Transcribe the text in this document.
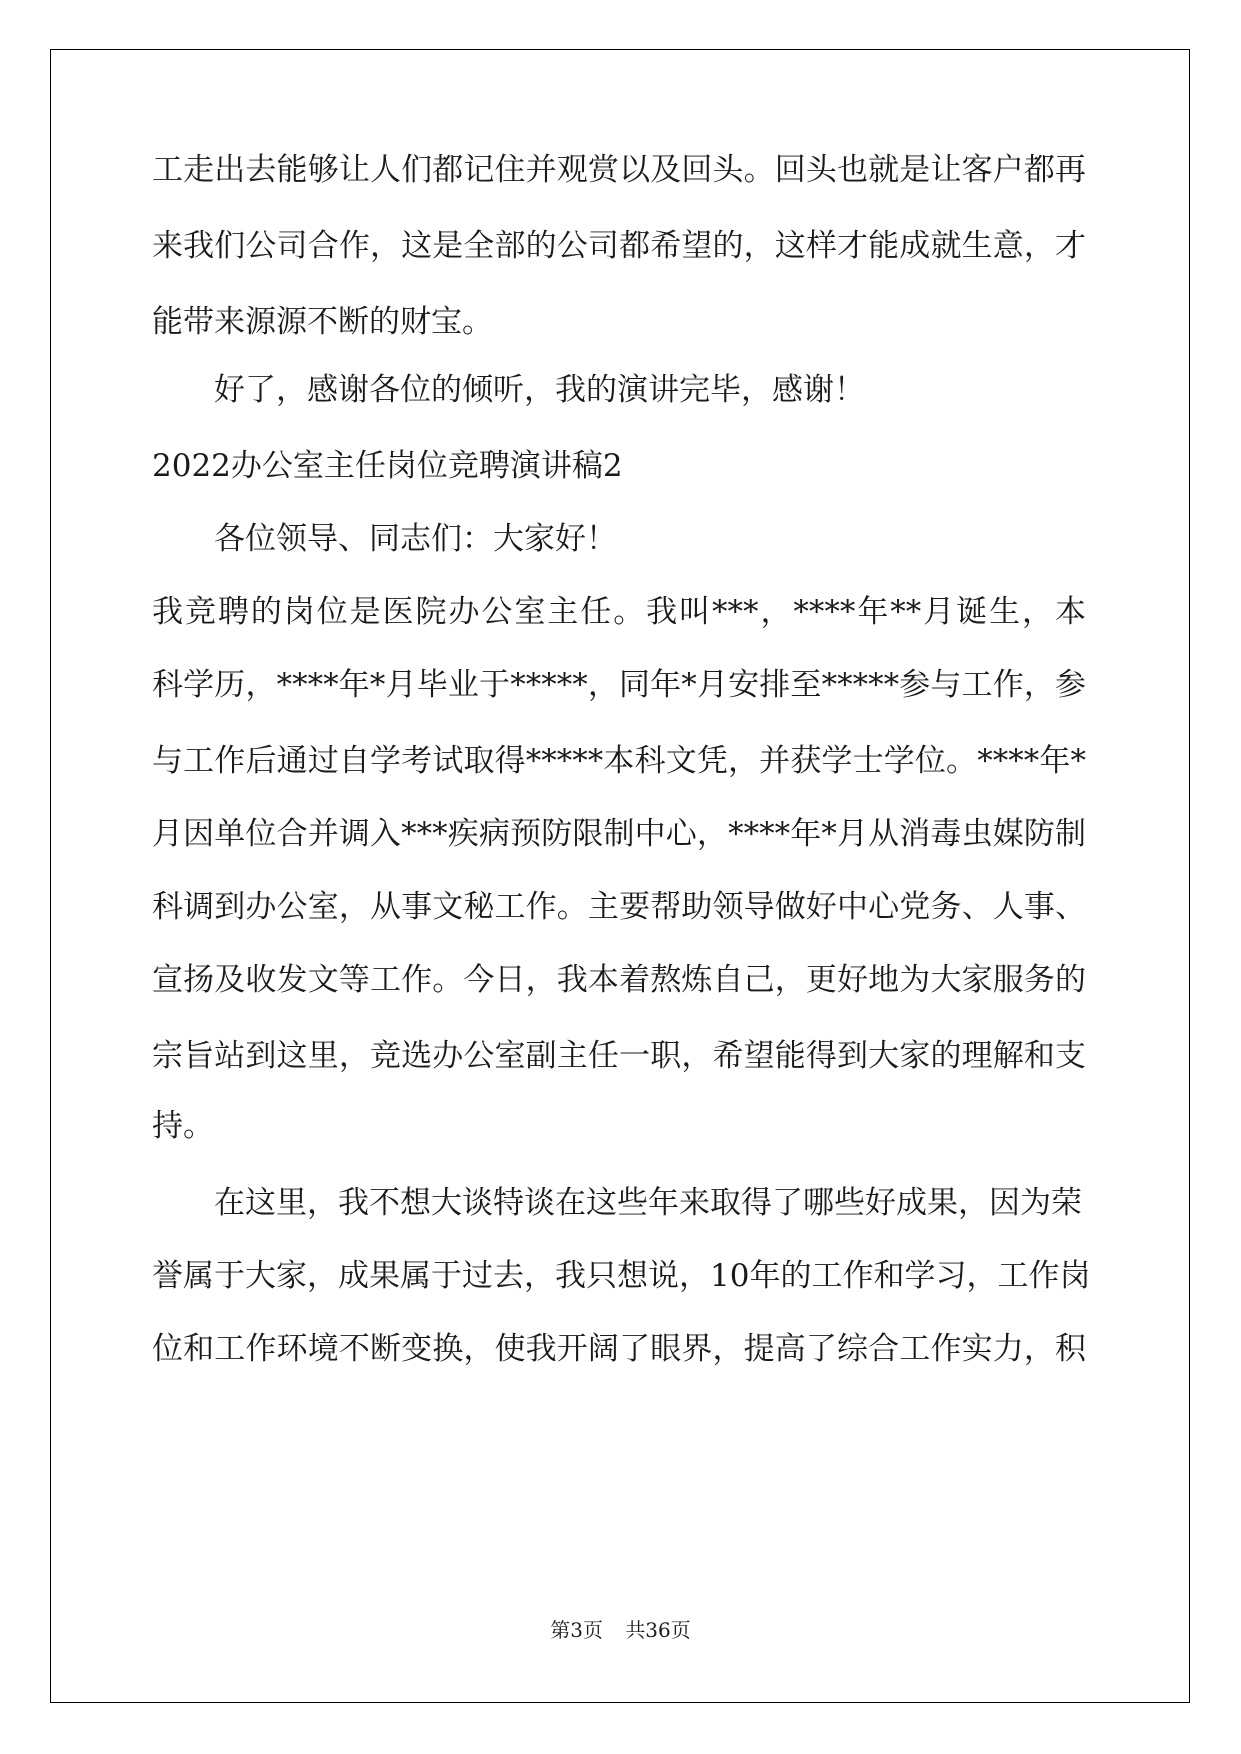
工走出去能够让人们都记住并观赏以及回头。回头也就是让客户都再
来我们公司合作，这是全部的公司都希望的，这样才能成就生意，才
能带来源源不断的财宝。
好了，感谢各位的倾听，我的演讲完毕，感谢！
2022办公室主任岗位竞聘演讲稿2
各位领导、同志们：大家好！
我竞聘的岗位是医院办公室主任。我叫***，****年**月诞生，本
科学历，****年*月毕业于*****，同年*月安排至*****参与工作，参
与工作后通过自学考试取得*****本科文凭，并获学士学位。****年*
月因单位合并调入***疾病预防限制中心，****年*月从消毒虫媒防制
科调到办公室，从事文秘工作。主要帮助领导做好中心党务、人事、
宣扬及收发文等工作。今日，我本着熬炼自己，更好地为大家服务的
宗旨站到这里，竞选办公室副主任一职，希望能得到大家的理解和支
持。
在这里，我不想大谈特谈在这些年来取得了哪些好成果，因为荣
誉属于大家，成果属于过去，我只想说，10年的工作和学习，工作岗
位和工作环境不断变换，使我开阔了眼界，提高了综合工作实力，积
第3页 共36页
